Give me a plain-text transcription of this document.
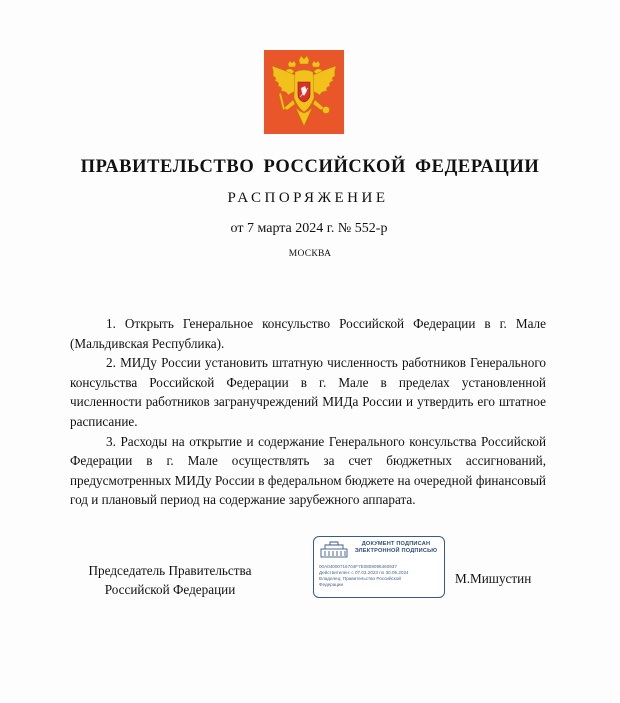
ПРАВИТЕЛЬСТВО РОССИЙСКОЙ ФЕДЕРАЦИИ
РАСПОРЯЖЕНИЕ
от 7 марта 2024 г. № 552-р
МОСКВА

1. Открыть Генеральное консульство Российской Федерации в г. Мале (Мальдивская Республика).

2. МИДу России установить штатную численность работников Генерального консульства Российской Федерации в г. Мале в пределах установленной численности работников загранучреждений МИДа России и утвердить его штатное расписание.

3. Расходы на открытие и содержание Генерального консульства Российской Федерации в г. Мале осуществлять за счет бюджетных ассигнований, предусмотренных МИДу России в федеральном бюджете на очередной финансовый год и плановый период на содержание зарубежного аппарата.

Председатель Правительства
Российской Федерации
ДОКУМЕНТ ПОДПИСАН
ЭЛЕКТРОННОЙ ПОДПИСЬЮ
00A04000716704F7E0808096460937
Действителен: с 07.03.2023 по 30.05.2024
Владелец: Правительство Российской
Федерации	М.Мишустин
